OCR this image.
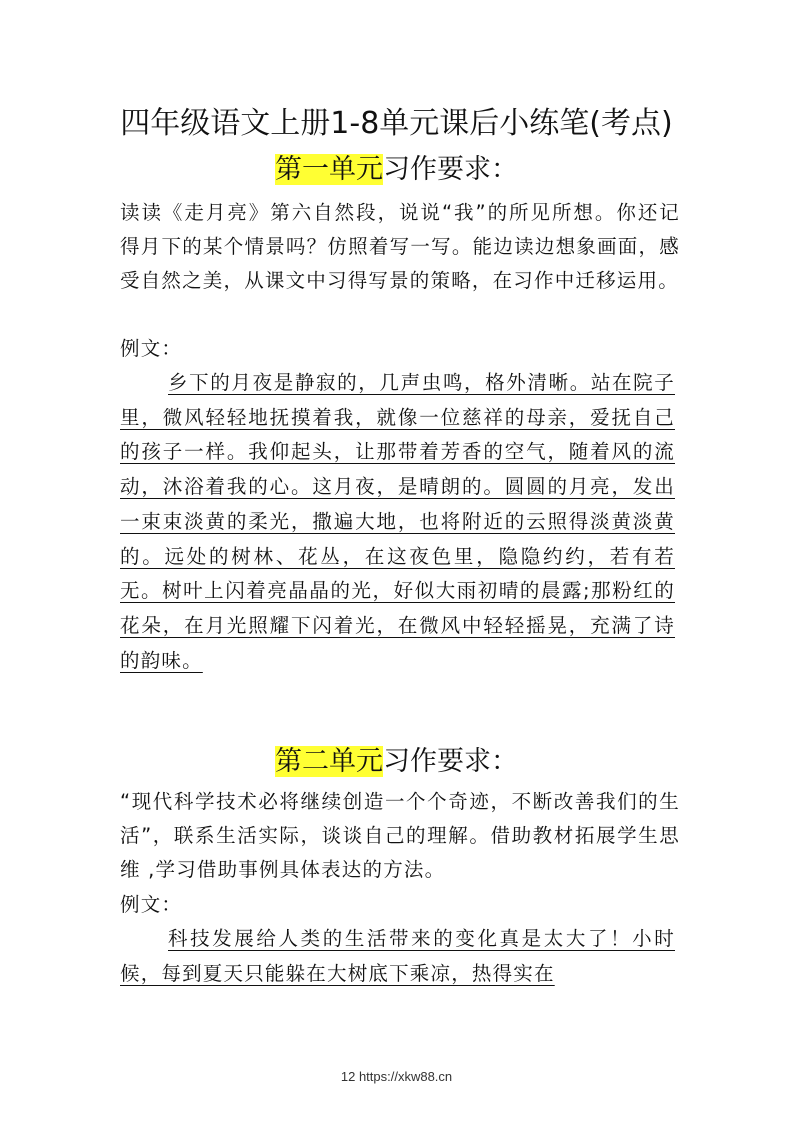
四年级语文上册1-8单元课后小练笔(考点)
第一单元习作要求：

读读《走月亮》第六自然段，说说“我”的所见所想。你还记得月下的某个情景吗？仿照着写一写。能边读边想象画面，感受自然之美，从课文中习得写景的策略，在习作中迁移运用。

例文：

乡下的月夜是静寂的，几声虫鸣，格外清晰。站在院子里，微风轻轻地抚摸着我，就像一位慈祥的母亲，爱抚自己的孩子一样。我仰起头，让那带着芳香的空气，随着风的流动，沐浴着我的心。这月夜，是晴朗的。圆圆的月亮，发出一束束淡黄的柔光，撒遍大地，也将附近的云照得淡黄淡黄的。远处的树林、花丛，在这夜色里，隐隐约约，若有若无。树叶上闪着亮晶晶的光，好似大雨初晴的晨露;那粉红的花朵，在月光照耀下闪着光，在微风中轻轻摇晃，充满了诗的韵味。

第二单元习作要求：

“现代科学技术必将继续创造一个个奇迹，不断改善我们的生活”，联系生活实际，谈谈自己的理解。借助教材拓展学生思维 ,学习借助事例具体表达的方法。

例文：

科技发展给人类的生活带来的变化真是太大了！小时候，每到夏天只能躲在大树底下乘凉，热得实在

12 https://xkw88.cn
